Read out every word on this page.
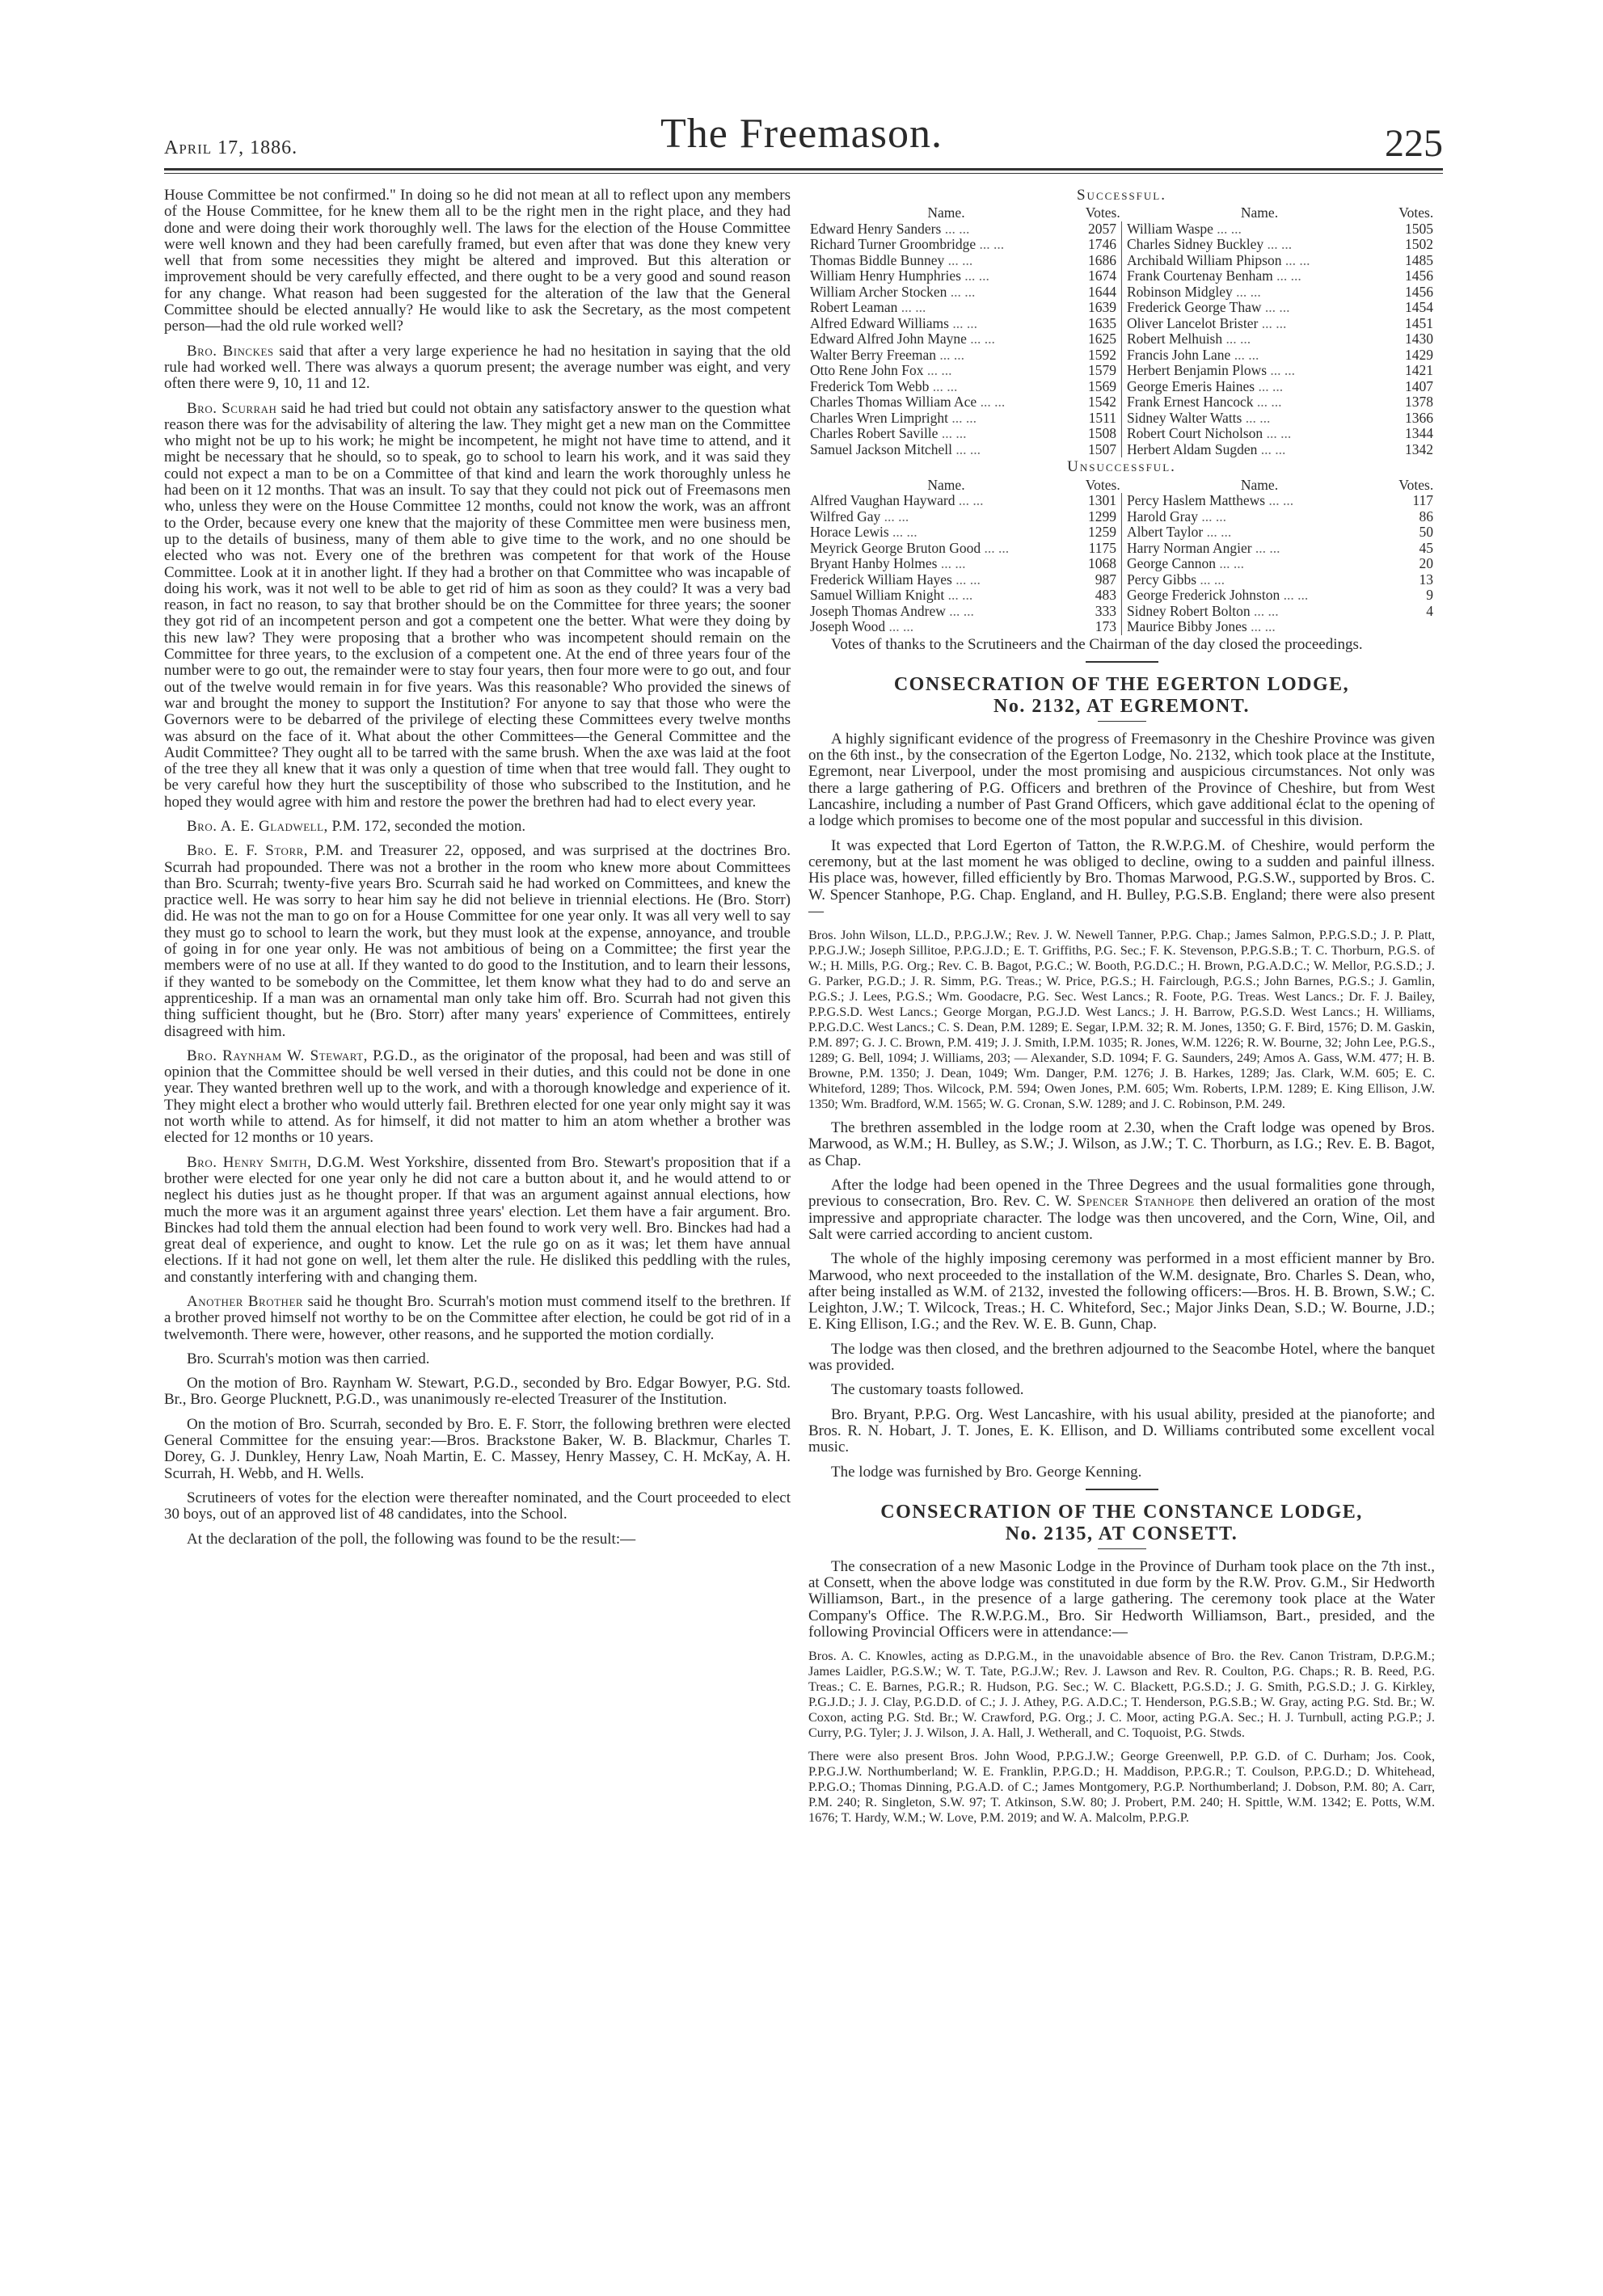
April 17, 1886.	The Freemason.	225

House Committee be not confirmed." In doing so he did not mean at all to reflect upon any members of the House Committee, for he knew them all to be the right men in the right place, and they had done and were doing their work thoroughly well. The laws for the election of the House Committee were well known and they had been carefully framed, but even after that was done they knew very well that from some necessities they might be altered and improved. But this alteration or improvement should be very carefully effected, and there ought to be a very good and sound reason for any change. What reason had been suggested for the alteration of the law that the General Committee should be elected annually? He would like to ask the Secretary, as the most competent person—had the old rule worked well?

Bro. Binckes said that after a very large experience he had no hesitation in saying that the old rule had worked well. There was always a quorum present; the average number was eight, and very often there were 9, 10, 11 and 12.

Bro. Scurrah said he had tried but could not obtain any satisfactory answer to the question what reason there was for the advisability of altering the law. They might get a new man on the Committee who might not be up to his work; he might be incompetent, he might not have time to attend, and it might be necessary that he should, so to speak, go to school to learn his work, and it was said they could not expect a man to be on a Committee of that kind and learn the work thoroughly unless he had been on it 12 months. That was an insult. To say that they could not pick out of Freemasons men who, unless they were on the House Committee 12 months, could not know the work, was an affront to the Order, because every one knew that the majority of these Committee men were business men, up to the details of business, many of them able to give time to the work, and no one should be elected who was not. Every one of the brethren was competent for that work of the House Committee. Look at it in another light. If they had a brother on that Committee who was incapable of doing his work, was it not well to be able to get rid of him as soon as they could? It was a very bad reason, in fact no reason, to say that brother should be on the Committee for three years; the sooner they got rid of an incompetent person and got a competent one the better. What were they doing by this new law? They were proposing that a brother who was incompetent should remain on the Committee for three years, to the exclusion of a competent one. At the end of three years four of the number were to go out, the remainder were to stay four years, then four more were to go out, and four out of the twelve would remain in for five years. Was this reasonable? Who provided the sinews of war and brought the money to support the Institution? For anyone to say that those who were the Governors were to be debarred of the privilege of electing these Committees every twelve months was absurd on the face of it. What about the other Committees—the General Committee and the Audit Committee? They ought all to be tarred with the same brush. When the axe was laid at the foot of the tree they all knew that it was only a question of time when that tree would fall. They ought to be very careful how they hurt the susceptibility of those who subscribed to the Institution, and he hoped they would agree with him and restore the power the brethren had had to elect every year.

Bro. A. E. Gladwell, P.M. 172, seconded the motion.

Bro. E. F. Storr, P.M. and Treasurer 22, opposed, and was surprised at the doctrines Bro. Scurrah had propounded. There was not a brother in the room who knew more about Committees than Bro. Scurrah; twenty-five years Bro. Scurrah said he had worked on Committees, and knew the practice well. He was sorry to hear him say he did not believe in triennial elections. He (Bro. Storr) did. He was not the man to go on for a House Committee for one year only. It was all very well to say they must go to school to learn the work, but they must look at the expense, annoyance, and trouble of going in for one year only. He was not ambitious of being on a Committee; the first year the members were of no use at all. If they wanted to do good to the Institution, and to learn their lessons, if they wanted to be somebody on the Committee, let them know what they had to do and serve an apprenticeship. If a man was an ornamental man only take him off. Bro. Scurrah had not given this thing sufficient thought, but he (Bro. Storr) after many years' experience of Committees, entirely disagreed with him.

Bro. Raynham W. Stewart, P.G.D., as the originator of the proposal, had been and was still of opinion that the Committee should be well versed in their duties, and this could not be done in one year. They wanted brethren well up to the work, and with a thorough knowledge and experience of it. They might elect a brother who would utterly fail. Brethren elected for one year only might say it was not worth while to attend. As for himself, it did not matter to him an atom whether a brother was elected for 12 months or 10 years.

Bro. Henry Smith, D.G.M. West Yorkshire, dissented from Bro. Stewart's proposition that if a brother were elected for one year only he did not care a button about it, and he would attend to or neglect his duties just as he thought proper. If that was an argument against annual elections, how much the more was it an argument against three years' election. Let them have a fair argument. Bro. Binckes had told them the annual election had been found to work very well. Bro. Binckes had had a great deal of experience, and ought to know. Let the rule go on as it was; let them have annual elections. If it had not gone on well, let them alter the rule. He disliked this peddling with the rules, and constantly interfering with and changing them.

Another Brother said he thought Bro. Scurrah's motion must commend itself to the brethren. If a brother proved himself not worthy to be on the Committee after election, he could be got rid of in a twelvemonth. There were, however, other reasons, and he supported the motion cordially.

Bro. Scurrah's motion was then carried.

On the motion of Bro. Raynham W. Stewart, P.G.D., seconded by Bro. Edgar Bowyer, P.G. Std. Br., Bro. George Plucknett, P.G.D., was unanimously re-elected Treasurer of the Institution.

On the motion of Bro. Scurrah, seconded by Bro. E. F. Storr, the following brethren were elected General Committee for the ensuing year:—Bros. Brackstone Baker, W. B. Blackmur, Charles T. Dorey, G. J. Dunkley, Henry Law, Noah Martin, E. C. Massey, Henry Massey, C. H. McKay, A. H. Scurrah, H. Webb, and H. Wells.

Scrutineers of votes for the election were thereafter nominated, and the Court proceeded to elect 30 boys, out of an approved list of 48 candidates, into the School.

At the declaration of the poll, the following was found to be the result:—

Successful.
Name.	Votes.	Name.	Votes.
Edward Henry Sanders ... ...	2057	William Waspe ... ...	1505
Richard Turner Groombridge ... ...	1746	Charles Sidney Buckley ... ...	1502
Thomas Biddle Bunney ... ...	1686	Archibald William Phipson ... ...	1485
William Henry Humphries ... ...	1674	Frank Courtenay Benham ... ...	1456
William Archer Stocken ... ...	1644	Robinson Midgley ... ...	1456
Robert Leaman ... ...	1639	Frederick George Thaw ... ...	1454
Alfred Edward Williams ... ...	1635	Oliver Lancelot Brister ... ...	1451
Edward Alfred John Mayne ... ...	1625	Robert Melhuish ... ...	1430
Walter Berry Freeman ... ...	1592	Francis John Lane ... ...	1429
Otto Rene John Fox ... ...	1579	Herbert Benjamin Plows ... ...	1421
Frederick Tom Webb ... ...	1569	George Emeris Haines ... ...	1407
Charles Thomas William Ace ... ...	1542	Frank Ernest Hancock ... ...	1378
Charles Wren Limpright ... ...	1511	Sidney Walter Watts ... ...	1366
Charles Robert Saville ... ...	1508	Robert Court Nicholson ... ...	1344
Samuel Jackson Mitchell ... ...	1507	Herbert Aldam Sugden ... ...	1342
Unsuccessful.
Name.	Votes.	Name.	Votes.
Alfred Vaughan Hayward ... ...	1301	Percy Haslem Matthews ... ...	117
Wilfred Gay ... ...	1299	Harold Gray ... ...	86
Horace Lewis ... ...	1259	Albert Taylor ... ...	50
Meyrick George Bruton Good ... ...	1175	Harry Norman Angier ... ...	45
Bryant Hanby Holmes ... ...	1068	George Cannon ... ...	20
Frederick William Hayes ... ...	987	Percy Gibbs ... ...	13
Samuel William Knight ... ...	483	George Frederick Johnston ... ...	9
Joseph Thomas Andrew ... ...	333	Sidney Robert Bolton ... ...	4
Joseph Wood ... ...	173	Maurice Bibby Jones ... ...	

Votes of thanks to the Scrutineers and the Chairman of the day closed the proceedings.

CONSECRATION OF THE EGERTON LODGE,
No. 2132, AT EGREMONT.

A highly significant evidence of the progress of Freemasonry in the Cheshire Province was given on the 6th inst., by the consecration of the Egerton Lodge, No. 2132, which took place at the Institute, Egremont, near Liverpool, under the most promising and auspicious circumstances. Not only was there a large gathering of P.G. Officers and brethren of the Province of Cheshire, but from West Lancashire, including a number of Past Grand Officers, which gave additional éclat to the opening of a lodge which promises to become one of the most popular and successful in this division.

It was expected that Lord Egerton of Tatton, the R.W.P.G.M. of Cheshire, would perform the ceremony, but at the last moment he was obliged to decline, owing to a sudden and painful illness. His place was, however, filled efficiently by Bro. Thomas Marwood, P.G.S.W., supported by Bros. C. W. Spencer Stanhope, P.G. Chap. England, and H. Bulley, P.G.S.B. England; there were also present —

Bros. John Wilson, LL.D., P.P.G.J.W.; Rev. J. W. Newell Tanner, P.P.G. Chap.; James Salmon, P.P.G.S.D.; J. P. Platt, P.P.G.J.W.; Joseph Sillitoe, P.P.G.J.D.; E. T. Griffiths, P.G. Sec.; F. K. Stevenson, P.P.G.S.B.; T. C. Thorburn, P.G.S. of W.; H. Mills, P.G. Org.; Rev. C. B. Bagot, P.G.C.; W. Booth, P.G.D.C.; H. Brown, P.G.A.D.C.; W. Mellor, P.G.S.D.; J. G. Parker, P.G.D.; J. R. Simm, P.G. Treas.; W. Price, P.G.S.; H. Fairclough, P.G.S.; John Barnes, P.G.S.; J. Gamlin, P.G.S.; J. Lees, P.G.S.; Wm. Goodacre, P.G. Sec. West Lancs.; R. Foote, P.G. Treas. West Lancs.; Dr. F. J. Bailey, P.P.G.S.D. West Lancs.; George Morgan, P.G.J.D. West Lancs.; J. H. Barrow, P.G.S.D. West Lancs.; H. Williams, P.P.G.D.C. West Lancs.; C. S. Dean, P.M. 1289; E. Segar, I.P.M. 32; R. M. Jones, 1350; G. F. Bird, 1576; D. M. Gaskin, P.M. 897; G. J. C. Brown, P.M. 419; J. J. Smith, I.P.M. 1035; R. Jones, W.M. 1226; R. W. Bourne, 32; John Lee, P.G.S., 1289; G. Bell, 1094; J. Williams, 203; — Alexander, S.D. 1094; F. G. Saunders, 249; Amos A. Gass, W.M. 477; H. B. Browne, P.M. 1350; J. Dean, 1049; Wm. Danger, P.M. 1276; J. B. Harkes, 1289; Jas. Clark, W.M. 605; E. C. Whiteford, 1289; Thos. Wilcock, P.M. 594; Owen Jones, P.M. 605; Wm. Roberts, I.P.M. 1289; E. King Ellison, J.W. 1350; Wm. Bradford, W.M. 1565; W. G. Cronan, S.W. 1289; and J. C. Robinson, P.M. 249.

The brethren assembled in the lodge room at 2.30, when the Craft lodge was opened by Bros. Marwood, as W.M.; H. Bulley, as S.W.; J. Wilson, as J.W.; T. C. Thorburn, as I.G.; Rev. E. B. Bagot, as Chap.

After the lodge had been opened in the Three Degrees and the usual formalities gone through, previous to consecration, Bro. Rev. C. W. Spencer Stanhope then delivered an oration of the most impressive and appropriate character. The lodge was then uncovered, and the Corn, Wine, Oil, and Salt were carried according to ancient custom.

The whole of the highly imposing ceremony was performed in a most efficient manner by Bro. Marwood, who next proceeded to the installation of the W.M. designate, Bro. Charles S. Dean, who, after being installed as W.M. of 2132, invested the following officers:—Bros. H. B. Brown, S.W.; C. Leighton, J.W.; T. Wilcock, Treas.; H. C. Whiteford, Sec.; Major Jinks Dean, S.D.; W. Bourne, J.D.; E. King Ellison, I.G.; and the Rev. W. E. B. Gunn, Chap.

The lodge was then closed, and the brethren adjourned to the Seacombe Hotel, where the banquet was provided.

The customary toasts followed.

Bro. Bryant, P.P.G. Org. West Lancashire, with his usual ability, presided at the pianoforte; and Bros. R. N. Hobart, J. T. Jones, E. K. Ellison, and D. Williams contributed some excellent vocal music.

The lodge was furnished by Bro. George Kenning.

CONSECRATION OF THE CONSTANCE LODGE,
No. 2135, AT CONSETT.

The consecration of a new Masonic Lodge in the Province of Durham took place on the 7th inst., at Consett, when the above lodge was constituted in due form by the R.W. Prov. G.M., Sir Hedworth Williamson, Bart., in the presence of a large gathering. The ceremony took place at the Water Company's Office. The R.W.P.G.M., Bro. Sir Hedworth Williamson, Bart., presided, and the following Provincial Officers were in attendance:—

Bros. A. C. Knowles, acting as D.P.G.M., in the unavoidable absence of Bro. the Rev. Canon Tristram, D.P.G.M.; James Laidler, P.G.S.W.; W. T. Tate, P.G.J.W.; Rev. J. Lawson and Rev. R. Coulton, P.G. Chaps.; R. B. Reed, P.G. Treas.; C. E. Barnes, P.G.R.; R. Hudson, P.G. Sec.; W. C. Blackett, P.G.S.D.; J. G. Smith, P.G.S.D.; J. G. Kirkley, P.G.J.D.; J. J. Clay, P.G.D.D. of C.; J. J. Athey, P.G. A.D.C.; T. Henderson, P.G.S.B.; W. Gray, acting P.G. Std. Br.; W. Coxon, acting P.G. Std. Br.; W. Crawford, P.G. Org.; J. C. Moor, acting P.G.A. Sec.; H. J. Turnbull, acting P.G.P.; J. Curry, P.G. Tyler; J. J. Wilson, J. A. Hall, J. Wetherall, and C. Toquoist, P.G. Stwds.

There were also present Bros. John Wood, P.P.G.J.W.; George Greenwell, P.P. G.D. of C. Durham; Jos. Cook, P.P.G.J.W. Northumberland; W. E. Franklin, P.P.G.D.; H. Maddison, P.P.G.R.; T. Coulson, P.P.G.D.; D. Whitehead, P.P.G.O.; Thomas Dinning, P.G.A.D. of C.; James Montgomery, P.G.P. Northumberland; J. Dobson, P.M. 80; A. Carr, P.M. 240; R. Singleton, S.W. 97; T. Atkinson, S.W. 80; J. Probert, P.M. 240; H. Spittle, W.M. 1342; E. Potts, W.M. 1676; T. Hardy, W.M.; W. Love, P.M. 2019; and W. A. Malcolm, P.P.G.P.
